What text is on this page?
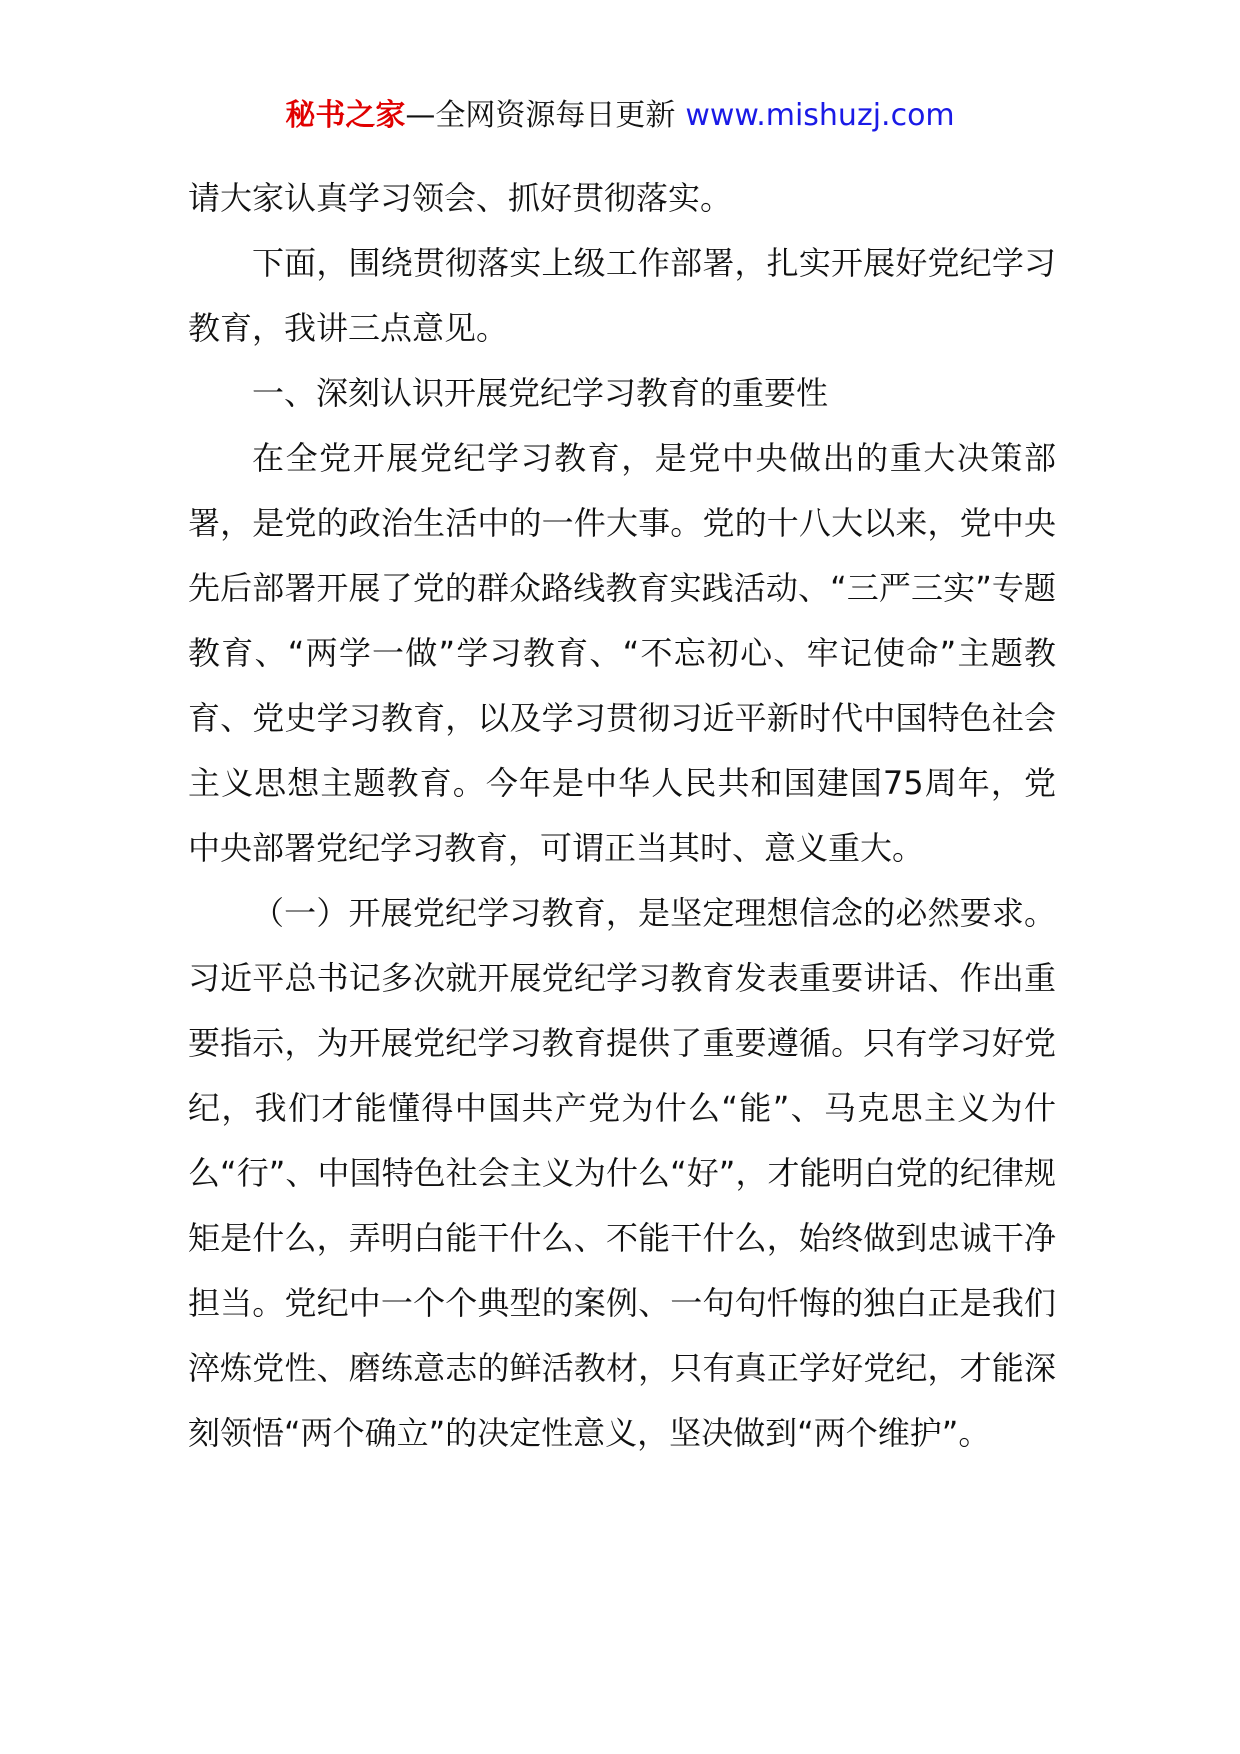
秘书之家—全网资源每日更新 www.mishuzj.com

请大家认真学习领会、抓好贯彻落实。

下面，围绕贯彻落实上级工作部署，扎实开展好党纪学习教育，我讲三点意见。

一、深刻认识开展党纪学习教育的重要性

在全党开展党纪学习教育，是党中央做出的重大决策部署，是党的政治生活中的一件大事。党的十八大以来，党中央先后部署开展了党的群众路线教育实践活动、“三严三实”专题教育、“两学一做”学习教育、“不忘初心、牢记使命”主题教育、党史学习教育，以及学习贯彻习近平新时代中国特色社会主义思想主题教育。今年是中华人民共和国建国75周年，党中央部署党纪学习教育，可谓正当其时、意义重大。

（一）开展党纪学习教育，是坚定理想信念的必然要求。习近平总书记多次就开展党纪学习教育发表重要讲话、作出重要指示，为开展党纪学习教育提供了重要遵循。只有学习好党纪，我们才能懂得中国共产党为什么“能”、马克思主义为什么“行”、中国特色社会主义为什么“好”，才能明白党的纪律规矩是什么，弄明白能干什么、不能干什么，始终做到忠诚干净担当。党纪中一个个典型的案例、一句句忏悔的独白正是我们淬炼党性、磨练意志的鲜活教材，只有真正学好党纪，才能深刻领悟“两个确立”的决定性意义，坚决做到“两个维护”。
